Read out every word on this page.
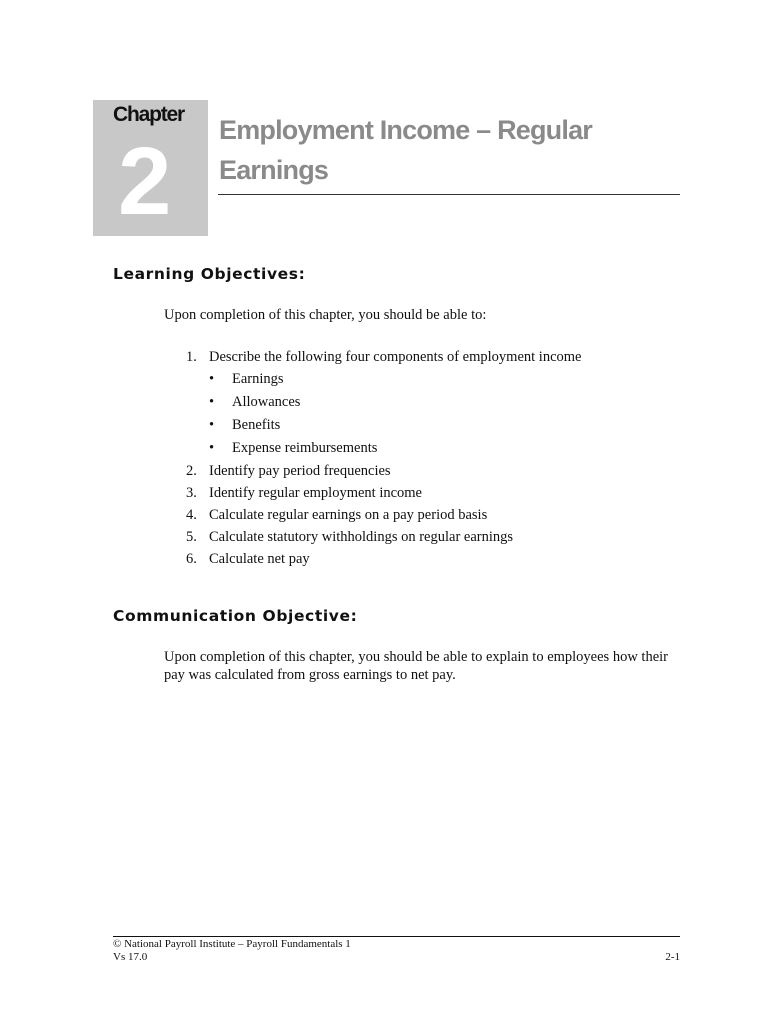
Chapter
2 Employment Income – Regular Earnings
Learning Objectives:
Upon completion of this chapter, you should be able to:
1. Describe the following four components of employment income
• Earnings
• Allowances
• Benefits
• Expense reimbursements
2. Identify pay period frequencies
3. Identify regular employment income
4. Calculate regular earnings on a pay period basis
5. Calculate statutory withholdings on regular earnings
6. Calculate net pay
Communication Objective:
Upon completion of this chapter, you should be able to explain to employees how their pay was calculated from gross earnings to net pay.
© National Payroll Institute – Payroll Fundamentals 1
Vs 17.0	2-1
